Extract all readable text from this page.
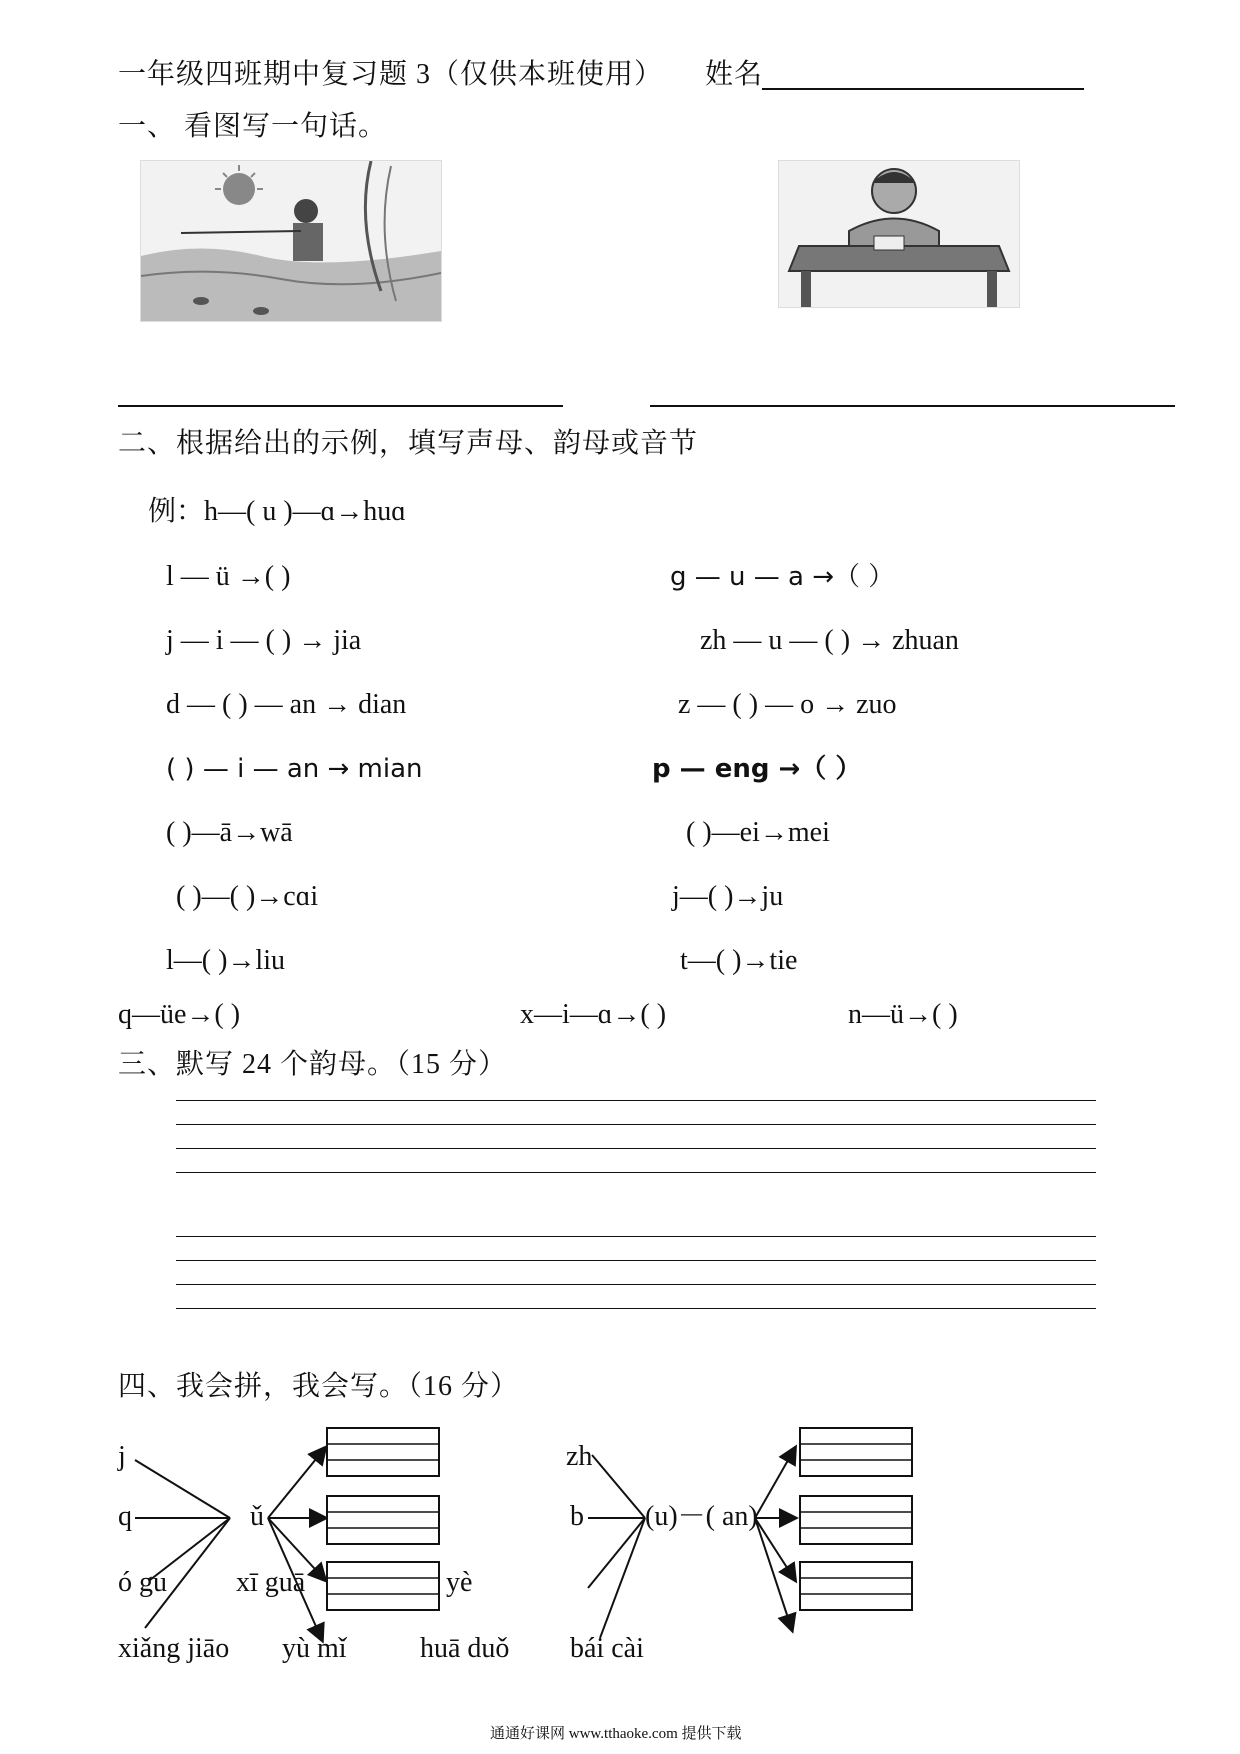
一年级四班期中复习题 3（仅供本班使用） 姓名
一、 看图写一句话。
二、根据给出的示例，填写声母、韵母或音节
例：h—( u )—ɑ→huɑ
l — ü →( )	g — u — a →（ ）
j — i — ( ) → jia	zh — u — ( ) → zhuan
d — ( ) — an → dian	z — ( ) — o → zuo
( ) — i — an → mian	p — eng →（ ）
( )—ā→wā	( )—ei→mei
( )—( )→cɑi	j—( )→ju
l—( )→liu	t—( )→tie
q—üe→( )	x—i—ɑ→( )	n—ü→( )
三、默写 24 个韵母。（15 分）
四、我会拼，我会写。（16 分）
j
q	ǔ
ó gu xī guā	yè
xiǎng jiāo yù mǐ	huā duǒ
zh
b (u)－( an)
bái cài
通通好课网 www.tthaoke.com 提供下载
